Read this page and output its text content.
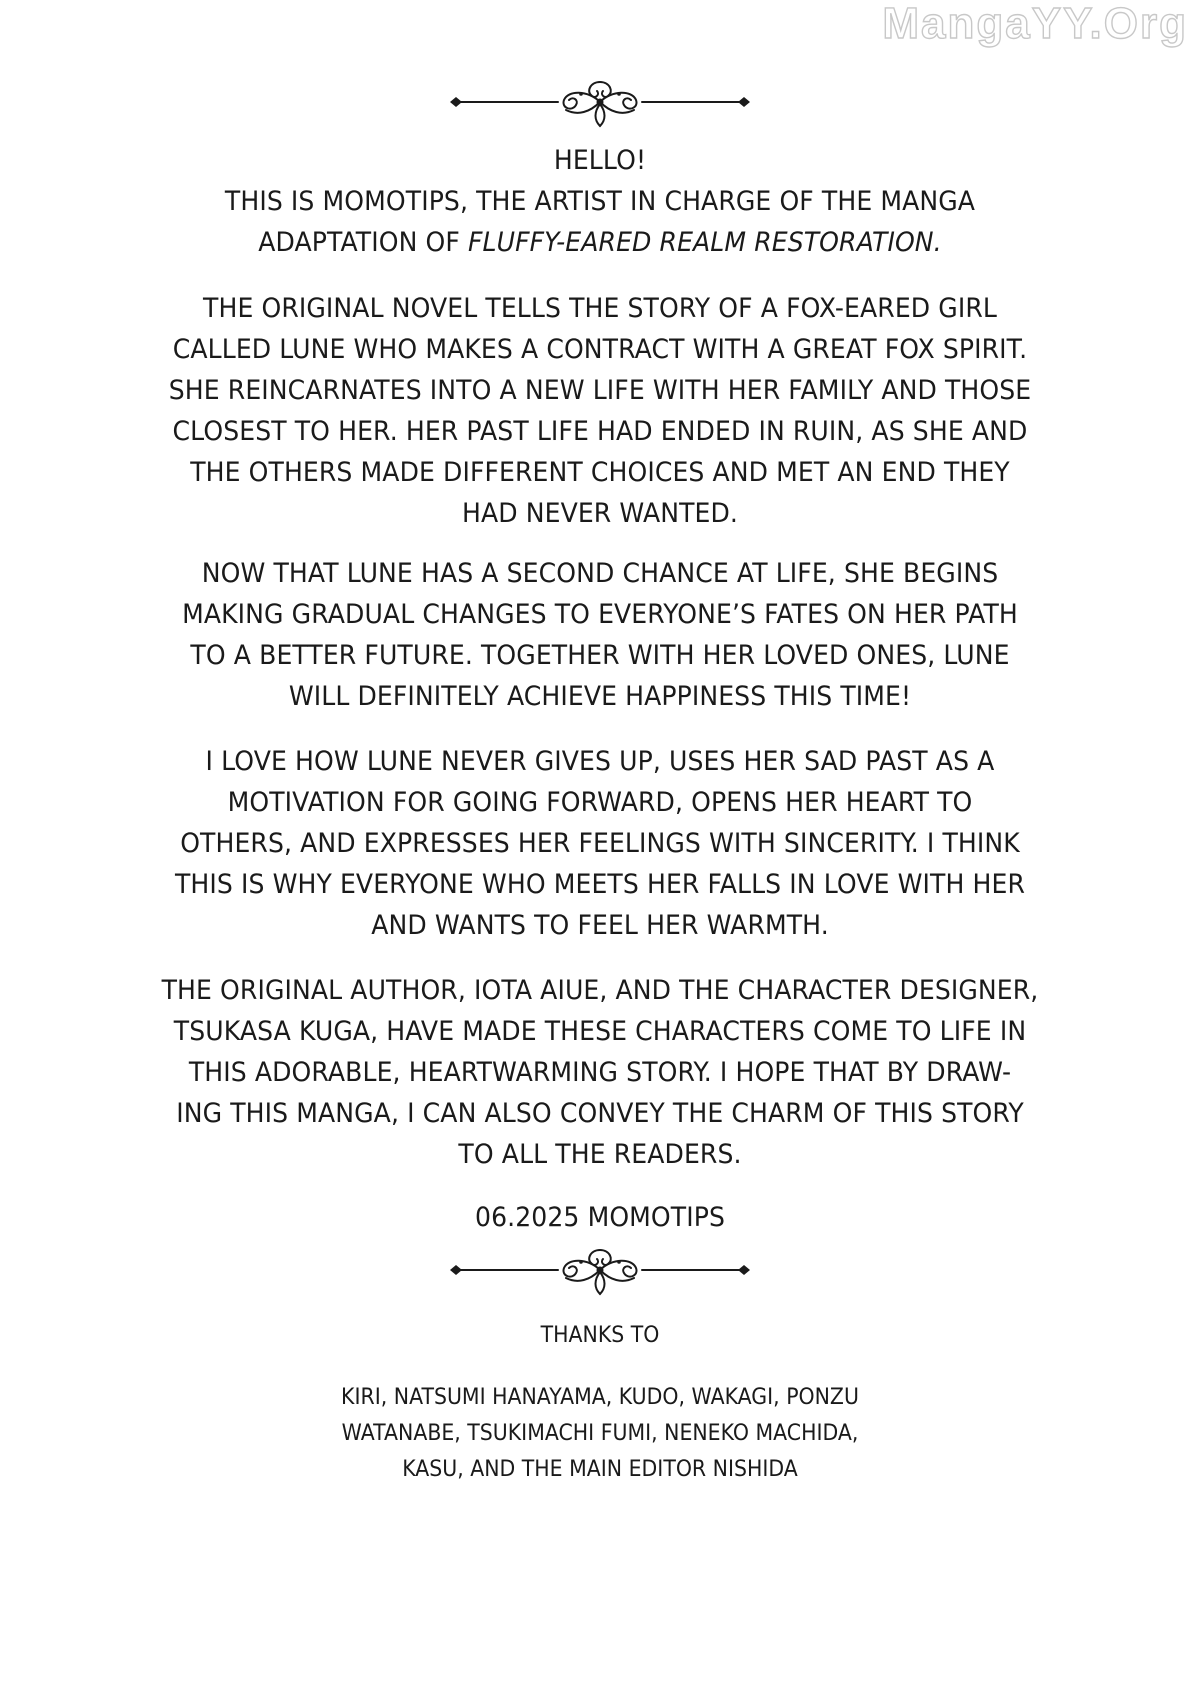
MangaYY.Org
HELLO!
THIS IS MOMOTIPS, THE ARTIST IN CHARGE OF THE MANGA
ADAPTATION OF FLUFFY-EARED REALM RESTORATION.
THE ORIGINAL NOVEL TELLS THE STORY OF A FOX-EARED GIRL
CALLED LUNE WHO MAKES A CONTRACT WITH A GREAT FOX SPIRIT.
SHE REINCARNATES INTO A NEW LIFE WITH HER FAMILY AND THOSE
CLOSEST TO HER. HER PAST LIFE HAD ENDED IN RUIN, AS SHE AND
THE OTHERS MADE DIFFERENT CHOICES AND MET AN END THEY
HAD NEVER WANTED.
NOW THAT LUNE HAS A SECOND CHANCE AT LIFE, SHE BEGINS
MAKING GRADUAL CHANGES TO EVERYONE’S FATES ON HER PATH
TO A BETTER FUTURE. TOGETHER WITH HER LOVED ONES, LUNE
WILL DEFINITELY ACHIEVE HAPPINESS THIS TIME!
I LOVE HOW LUNE NEVER GIVES UP, USES HER SAD PAST AS A
MOTIVATION FOR GOING FORWARD, OPENS HER HEART TO
OTHERS, AND EXPRESSES HER FEELINGS WITH SINCERITY. I THINK
THIS IS WHY EVERYONE WHO MEETS HER FALLS IN LOVE WITH HER
AND WANTS TO FEEL HER WARMTH.
THE ORIGINAL AUTHOR, IOTA AIUE, AND THE CHARACTER DESIGNER,
TSUKASA KUGA, HAVE MADE THESE CHARACTERS COME TO LIFE IN
THIS ADORABLE, HEARTWARMING STORY. I HOPE THAT BY DRAW-
ING THIS MANGA, I CAN ALSO CONVEY THE CHARM OF THIS STORY
TO ALL THE READERS.
06.2025 MOMOTIPS
THANKS TO
KIRI, NATSUMI HANAYAMA, KUDO, WAKAGI, PONZU
WATANABE, TSUKIMACHI FUMI, NENEKO MACHIDA,
KASU, AND THE MAIN EDITOR NISHIDA
